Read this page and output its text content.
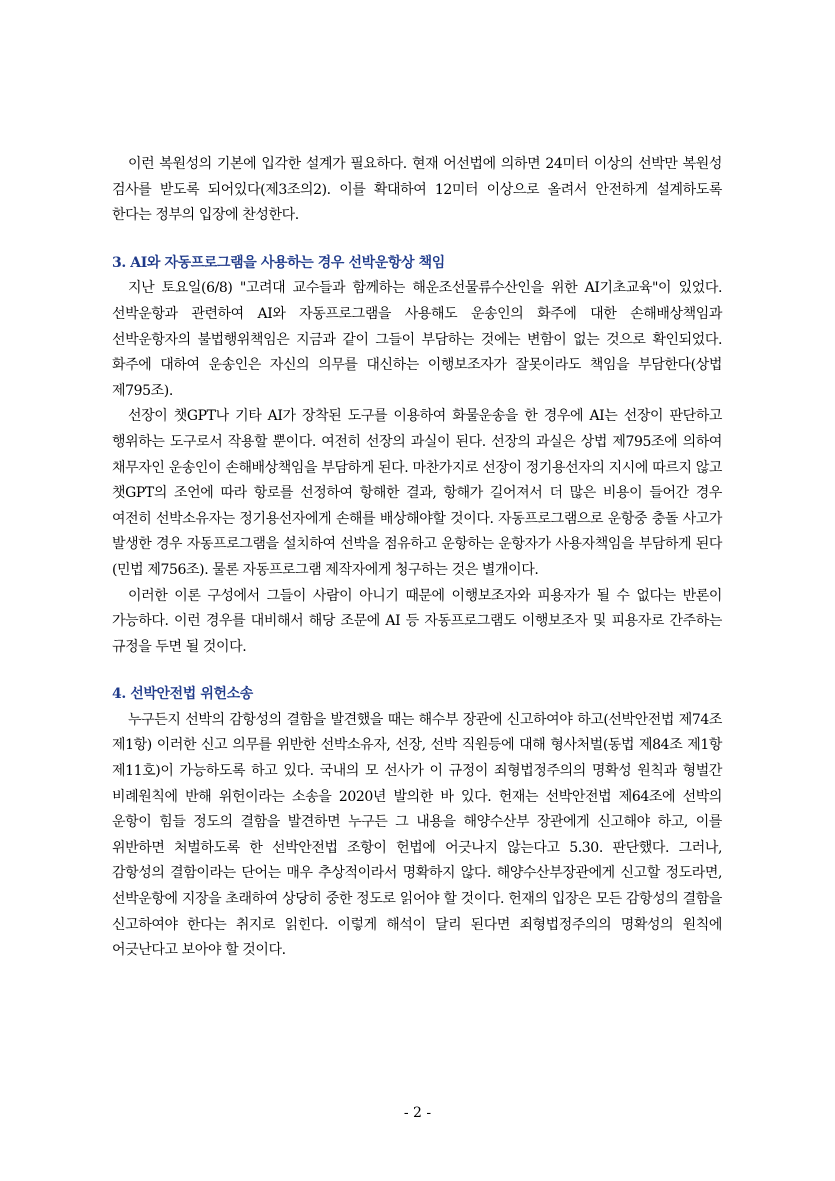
이런 복원성의 기본에 입각한 설계가 필요하다. 현재 어선법에 의하면 24미터 이상의 선박만 복원성 검사를 받도록 되어있다(제3조의2). 이를 확대하여 12미터 이상으로 올려서 안전하게 설계하도록 한다는 정부의 입장에 찬성한다.

3. AI와 자동프로그램을 사용하는 경우 선박운항상 책임

지난 토요일(6/8) "고려대 교수들과 함께하는 해운조선물류수산인을 위한 AI기초교육"이 있었다. 선박운항과 관련하여 AI와 자동프로그램을 사용해도 운송인의 화주에 대한 손해배상책임과 선박운항자의 불법행위책임은 지금과 같이 그들이 부담하는 것에는 변함이 없는 것으로 확인되었다. 화주에 대하여 운송인은 자신의 의무를 대신하는 이행보조자가 잘못이라도 책임을 부담한다(상법 제795조).

선장이 챗GPT나 기타 AI가 장착된 도구를 이용하여 화물운송을 한 경우에 AI는 선장이 판단하고 행위하는 도구로서 작용할 뿐이다. 여전히 선장의 과실이 된다. 선장의 과실은 상법 제795조에 의하여 채무자인 운송인이 손해배상책임을 부담하게 된다. 마찬가지로 선장이 정기용선자의 지시에 따르지 않고 챗GPT의 조언에 따라 항로를 선정하여 항해한 결과, 항해가 길어져서 더 많은 비용이 들어간 경우 여전히 선박소유자는 정기용선자에게 손해를 배상해야할 것이다. 자동프로그램으로 운항중 충돌 사고가 발생한 경우 자동프로그램을 설치하여 선박을 점유하고 운항하는 운항자가 사용자책임을 부담하게 된다(민법 제756조). 물론 자동프로그램 제작자에게 청구하는 것은 별개이다.

이러한 이론 구성에서 그들이 사람이 아니기 때문에 이행보조자와 피용자가 될 수 없다는 반론이 가능하다. 이런 경우를 대비해서 해당 조문에 AI 등 자동프로그램도 이행보조자 및 피용자로 간주하는 규정을 두면 될 것이다.

4. 선박안전법 위헌소송

누구든지 선박의 감항성의 결함을 발견했을 때는 해수부 장관에 신고하여야 하고(선박안전법 제74조 제1항) 이러한 신고 의무를 위반한 선박소유자, 선장, 선박 직원등에 대해 형사처벌(동법 제84조 제1항 제11호)이 가능하도록 하고 있다. 국내의 모 선사가 이 규정이 죄형법정주의의 명확성 원칙과 형벌간 비례원칙에 반해 위헌이라는 소송을 2020년 발의한 바 있다. 헌재는 선박안전법 제64조에 선박의 운항이 힘들 정도의 결함을 발견하면 누구든 그 내용을 해양수산부 장관에게 신고해야 하고, 이를 위반하면 처벌하도록 한 선박안전법 조항이 헌법에 어긋나지 않는다고 5.30. 판단했다. 그러나, 감항성의 결함이라는 단어는 매우 추상적이라서 명확하지 않다. 해양수산부장관에게 신고할 정도라면, 선박운항에 지장을 초래하여 상당히 중한 정도로 읽어야 할 것이다. 헌재의 입장은 모든 감항성의 결함을 신고하여야 한다는 취지로 읽힌다. 이렇게 해석이 달리 된다면 죄형법정주의의 명확성의 원칙에 어긋난다고 보아야 할 것이다.

- 2 -
